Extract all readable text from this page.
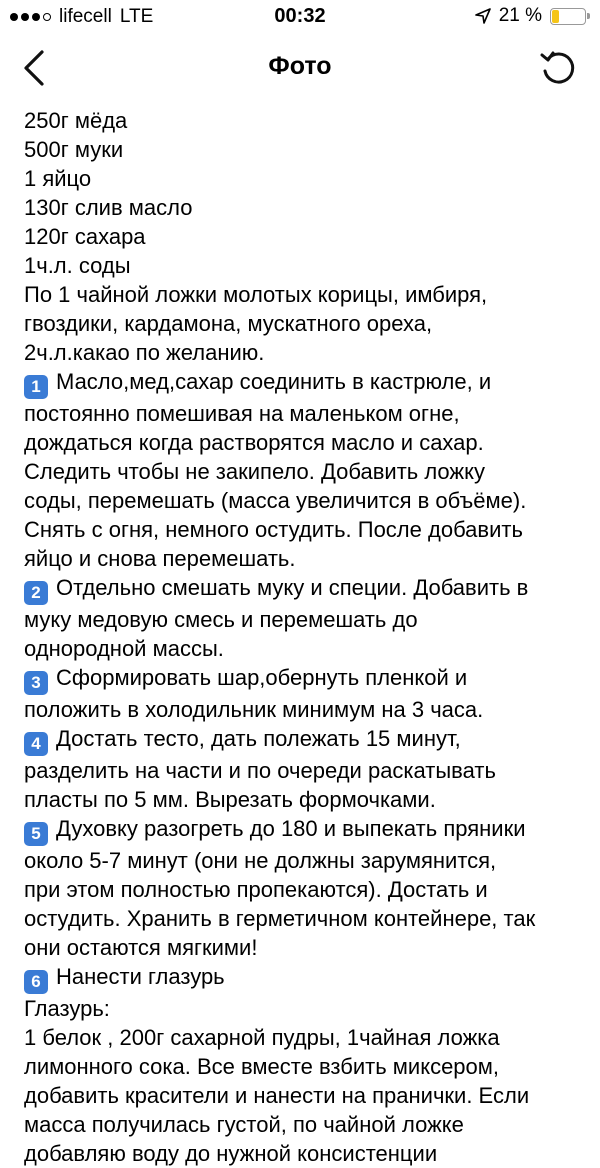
lifecell LTE	00:32	21 %
Фото
250г мёда
500г муки
1 яйцо
130г слив масло
120г сахара
1ч.л. соды
По 1 чайной ложки молотых корицы, имбиря,
гвоздики, кардамона, мускатного ореха,
2ч.л.какао по желанию.
1 Масло,мед,сахар соединить в кастрюле, и
постоянно помешивая на маленьком огне,
дождаться когда растворятся масло и сахар.
Следить чтобы не закипело. Добавить ложку
соды, перемешать (масса увеличится в объёме).
Снять с огня, немного остудить. После добавить
яйцо и снова перемешать.
2 Отдельно смешать муку и специи. Добавить в
муку медовую смесь и перемешать до
однородной массы.
3 Сформировать шар,обернуть пленкой и
положить в холодильник минимум на 3 часа.
4 Достать тесто, дать полежать 15 минут,
разделить на части и по очереди раскатывать
пласты по 5 мм. Вырезать формочками.
5 Духовку разогреть до 180 и выпекать пряники
около 5-7 минут (они не должны зарумянится,
при этом полностью пропекаются). Достать и
остудить. Хранить в герметичном контейнере, так
они остаются мягкими!
6 Нанести глазурь
Глазурь:
1 белок , 200г сахарной пудры, 1чайная ложка
лимонного сока. Все вместе взбить миксером,
добавить красители и нанести на пранички. Если
масса получилась густой, по чайной ложке
добавляю воду до нужной консистенции
